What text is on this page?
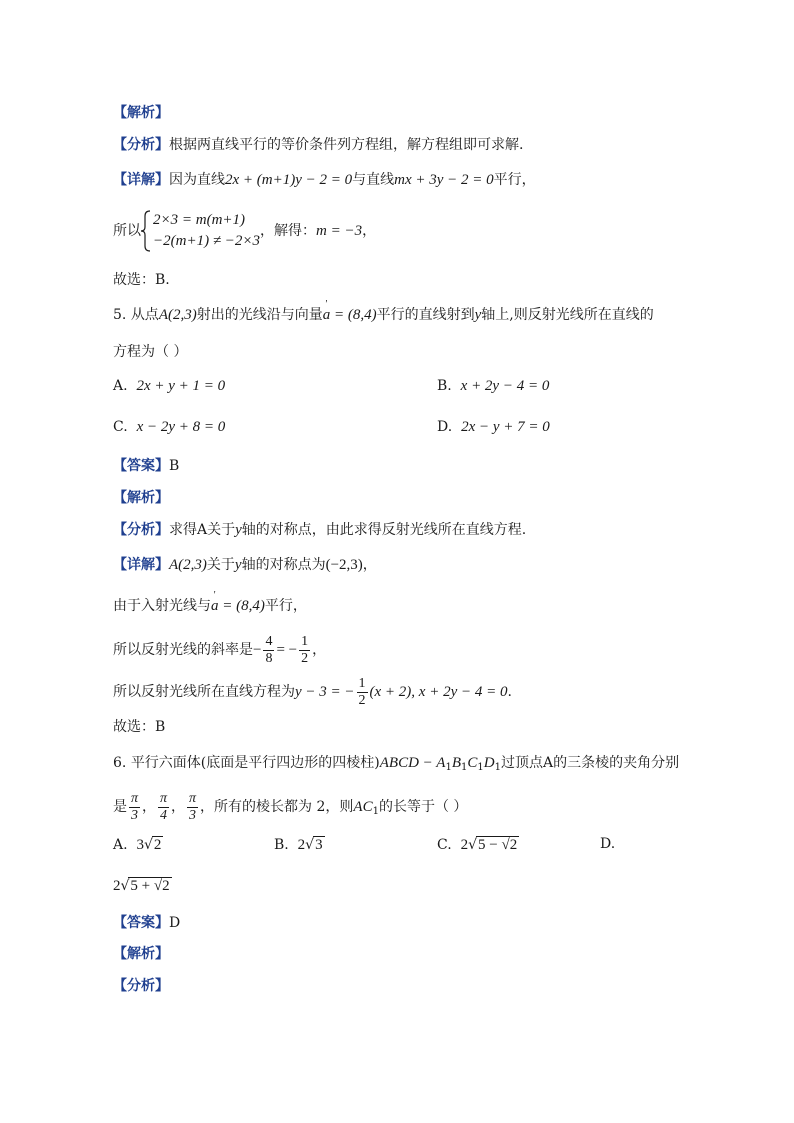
【解析】
【分析】根据两直线平行的等价条件列方程组，解方程组即可求解.
【详解】因为直线2x + (m+1)y − 2 = 0与直线mx + 3y − 2 = 0平行，
所以
2×3 = m(m+1)
−2(m+1) ≠ −2×3
，解得：m = −3，
故选：B.
5. 从点A(2,3)射出的光线沿与向量' a = (8,4)平行的直线射到y轴上,则反射光线所在直线的
方程为（ ）
A. 2x + y + 1 = 0	B. x + 2y − 4 = 0
C. x − 2y + 8 = 0	D. 2x − y + 7 = 0
【答案】B
【解析】
【分析】求得A关于y轴的对称点，由此求得反射光线所在直线方程.
【详解】A(2,3)关于y轴的对称点为(−2,3)，
由于入射光线与' a = (8,4)平行，
所以反射光线的斜率是− $\frac{4}{8}$ = − $\frac{1}{2}$ ，
所以反射光线所在直线方程为y − 3 = − $\frac{1}{2} (x + 2)$, x + 2y − 4 = 0.
故选：B
6. 平行六面体(底面是平行四边形的四棱柱)ABCD − $A_1B_1C_1D_1$过顶点A的三条棱的夹角分别
是 $\frac{\pi}{3}$ ， $\frac{\pi}{4}$ ， $\frac{\pi}{3}$ ，所有的棱长都为 2，则$AC_1$的长等于（ ）
A. 3√2	B. 2√3	C. 2√5 − √2	D.
2√5 + √2
【答案】D
【解析】
【分析】
